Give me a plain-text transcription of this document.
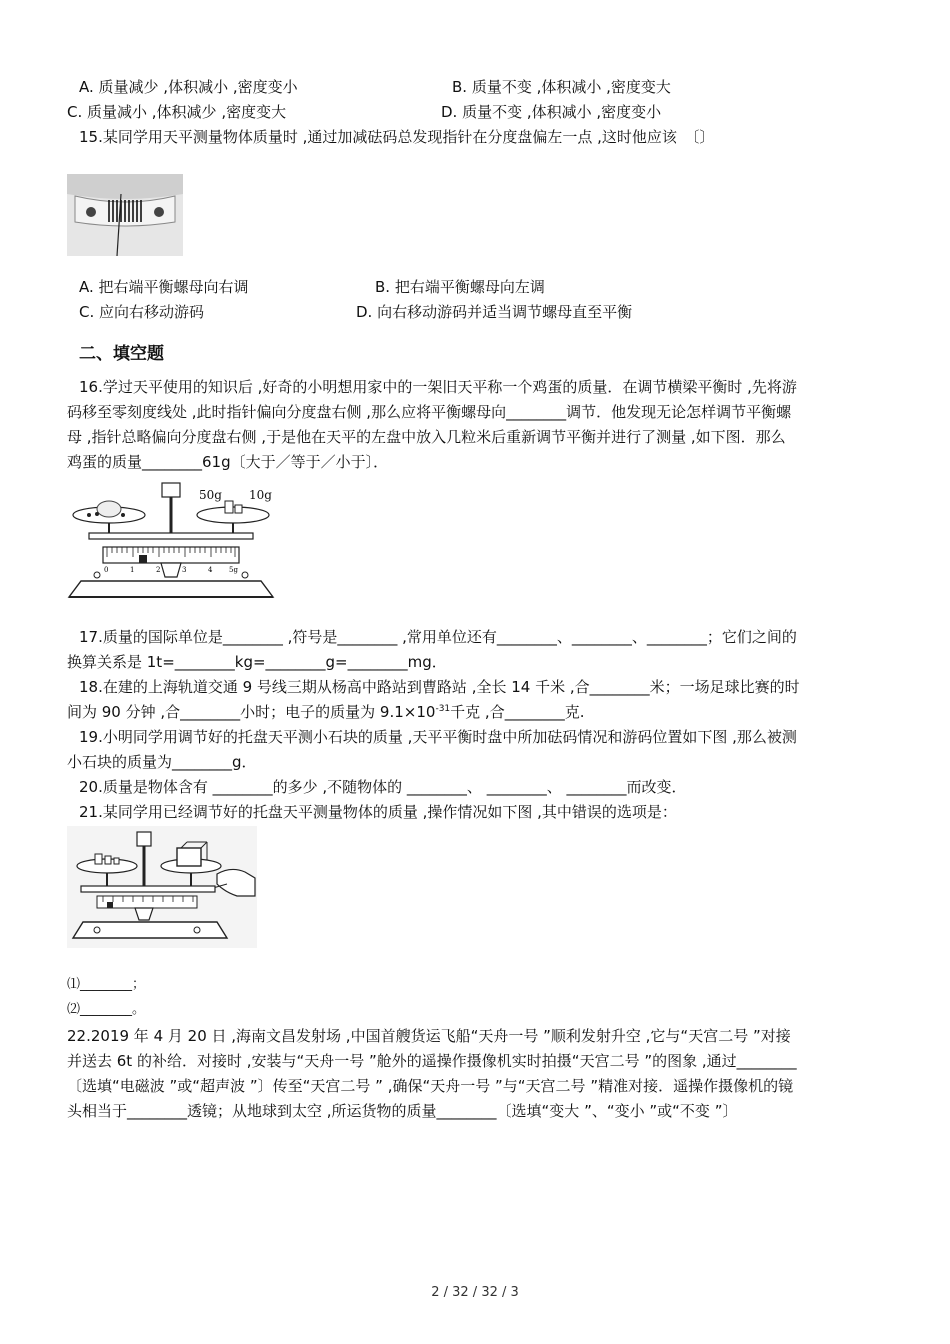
A. 质量减少 ,体积减小 ,密度变小	B. 质量不变 ,体积减小 ,密度变大
C. 质量减小 ,体积减少 ,密度变大	D. 质量不变 ,体积减小 ,密度变小
15.某同学用天平测量物体质量时 ,通过加减砝码总发现指针在分度盘偏左一点 ,这时他应该　〔〕
A. 把右端平衡螺母向右调	B. 把右端平衡螺母向左调
C. 应向右移动游码	D. 向右移动游码并适当调节螺母直至平衡
二、填空题
16.学过天平使用的知识后 ,好奇的小明想用家中的一架旧天平称一个鸡蛋的质量．在调节横梁平衡时 ,先将游
码移至零刻度线处 ,此时指针偏向分度盘右侧 ,那么应将平衡螺母向________调节．他发现无论怎样调节平衡螺
母 ,指针总略偏向分度盘右侧 ,于是他在天平的左盘中放入几粒米后重新调节平衡并进行了测量 ,如下图．那么
鸡蛋的质量________61g〔大于／等于／小于〕．
50g 10g
0	1	2	3	4 5g
17.质量的国际单位是________ ,符号是________ ,常用单位还有________、________、________；它们之间的
换算关系是 1t=________kg=________g=________mg．
18.在建的上海轨道交通 9 号线三期从杨高中路站到曹路站 ,全长 14 千米 ,合________米；一场足球比赛的时
间为 90 分钟 ,合________小时；电子的质量为 $9.1\times 10^{-31}$千克 ,合________克.
19.小明同学用调节好的托盘天平测小石块的质量 ,天平平衡时盘中所加砝码情况和游码位置如下图 ,那么被测
小石块的质量为________g．
20.质量是物体含有 ________的多少 ,不随物体的 ________、 ________、 ________而改变．
21.某同学用已经调节好的托盘天平测量物体的质量 ,操作情况如下图 ,其中错误的选项是：
⑴________；
⑵________。
22.2019 年 4 月 20 日 ,海南文昌发射场 ,中国首艘货运飞船“天舟一号 ”顺利发射升空 ,它与“天宫二号 ”对接
并送去 6t 的补给．对接时 ,安装与“天舟一号 ”舱外的遥操作摄像机实时拍摄“天宫二号 ”的图象 ,通过________
〔选填“电磁波 ”或“超声波 ”〕传至“天宫二号 ” ,确保“天舟一号 ”与“天宫二号 ”精准对接．遥操作摄像机的镜
头相当于________透镜；从地球到太空 ,所运货物的质量________〔选填“变大 ”、“变小 ”或“不变 ”〕
2 / 32 / 32 / 3
